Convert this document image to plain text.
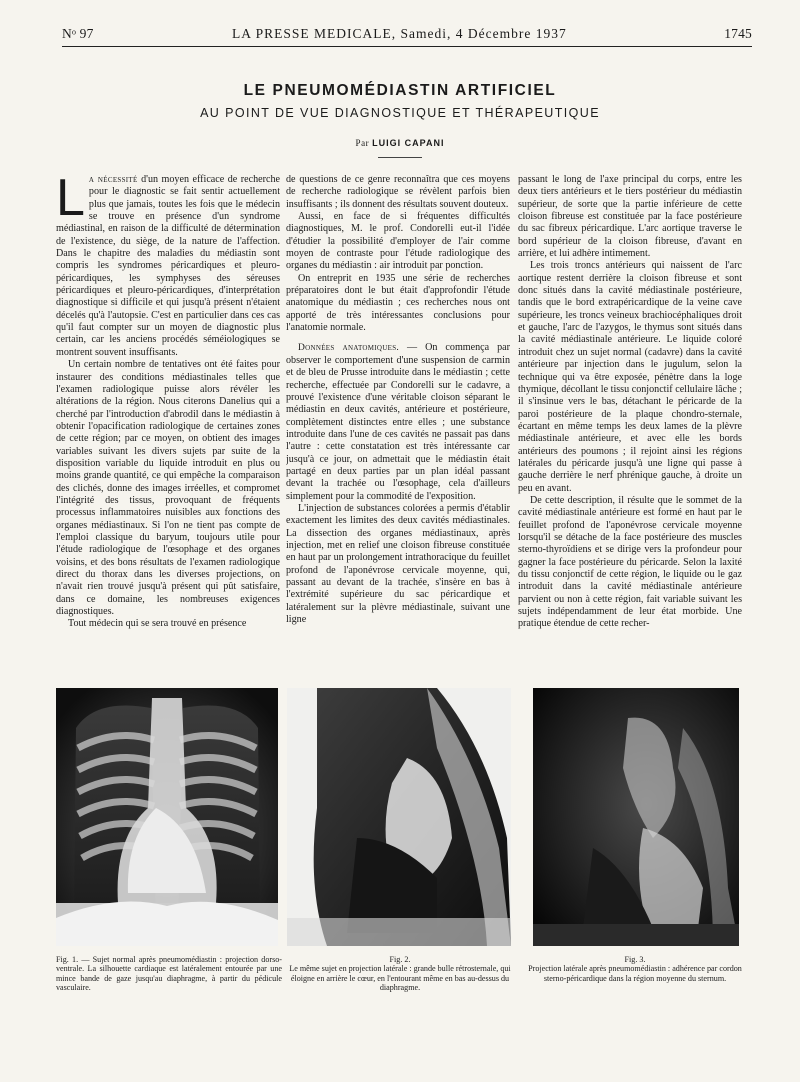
Nᵒ 97	LA PRESSE MEDICALE, Samedi, 4 Décembre 1937	1745
LE PNEUMOMÉDIASTIN ARTIFICIEL
AU POINT DE VUE DIAGNOSTIQUE ET THÉRAPEUTIQUE
Par LUIGI CAPANI

La nécessité d'un moyen efficace de recherche pour le diagnostic se fait sentir actuellement plus que jamais, toutes les fois que le médecin se trouve en présence d'un syndrome médiastinal, en raison de la difficulté de détermination de l'existence, du siège, de la nature de l'affection. Dans le chapitre des maladies du médiastin sont compris les syndromes péricardiques et pleuro-péricardiques, les symphyses des séreuses péricardiques et pleuro-péricardiques, d'interprétation diagnostique si difficile et qui jusqu'à présent n'étaient décelés qu'à l'autopsie. C'est en particulier dans ces cas qu'il faut compter sur un moyen de diagnostic plus certain, car les anciens procédés séméiologiques se montrent souvent insuffisants.

Un certain nombre de tentatives ont été faites pour instaurer des conditions médiastinales telles que l'examen radiologique puisse alors révéler les altérations de la région. Nous citerons Danelius qui a cherché par l'introduction d'abrodil dans le médiastin à obtenir l'opacification radiologique de certaines zones de cette région; par ce moyen, on obtient des images variables suivant les divers sujets par suite de la disposition variable du liquide introduit en plus ou moins grande quantité, ce qui empêche la comparaison des clichés, donne des images irréelles, et compromet l'intégrité des tissus, provoquant de fréquents processus inflammatoires nuisibles aux fonctions des organes médiastinaux. Si l'on ne tient pas compte de l'emploi classique du baryum, toujours utile pour l'étude radiologique de l'œsophage et des organes voisins, et des bons résultats de l'examen radiologique direct du thorax dans les diverses projections, on n'avait rien trouvé jusqu'à présent qui pût satisfaire, dans ce domaine, les nombreuses exigences diagnostiques.

Tout médecin qui se sera trouvé en présence

de questions de ce genre reconnaîtra que ces moyens de recherche radiologique se révèlent parfois bien insuffisants ; ils donnent des résultats souvent douteux.

Aussi, en face de si fréquentes difficultés diagnostiques, M. le prof. Condorelli eut-il l'idée d'étudier la possibilité d'employer de l'air comme moyen de contraste pour l'étude radiologique des organes du médiastin : air introduit par ponction.

On entreprit en 1935 une série de recherches préparatoires dont le but était d'approfondir l'étude anatomique du médiastin ; ces recherches nous ont apporté de très intéressantes conclusions pour l'anatomie normale.

Données anatomiques. — On commença par observer le comportement d'une suspension de carmin et de bleu de Prusse introduite dans le médiastin ; cette recherche, effectuée par Condorelli sur le cadavre, a prouvé l'existence d'une véritable cloison séparant le médiastin en deux cavités, antérieure et postérieure, complètement distinctes entre elles ; une substance introduite dans l'une de ces cavités ne passait pas dans l'autre : cette constatation est très intéressante car jusqu'à ce jour, on admettait que le médiastin était partagé en deux parties par un plan idéal passant devant la trachée ou l'œsophage, cela d'ailleurs simplement pour la commodité de l'exposition.

L'injection de substances colorées a permis d'établir exactement les limites des deux cavités médiastinales. La dissection des organes médiastinaux, après injection, met en relief une cloison fibreuse constituée en haut par un prolongement intrathoracique du feuillet profond de l'aponévrose cervicale moyenne, qui, passant au devant de la trachée, s'insère en bas à l'extrémité supérieure du sac péricardique et latéralement sur la plèvre médiastinale, suivant une ligne

passant le long de l'axe principal du corps, entre les deux tiers antérieurs et le tiers postérieur du médiastin supérieur, de sorte que la partie inférieure de cette cloison fibreuse est constituée par la face postérieure du sac fibreux péricardique. L'arc aortique traverse le bord supérieur de la cloison fibreuse, d'avant en arrière, et lui adhère intimement.

Les trois troncs antérieurs qui naissent de l'arc aortique restent derrière la cloison fibreuse et sont donc situés dans la cavité médiastinale postérieure, tandis que le bord extrapéricardique de la veine cave supérieure, les troncs veineux brachiocéphaliques droit et gauche, l'arc de l'azygos, le thymus sont situés dans la cavité médiastinale antérieure. Le liquide coloré introduit chez un sujet normal (cadavre) dans la cavité antérieure par injection dans le jugulum, selon la technique qui va être exposée, pénètre dans la loge thymique, décollant le tissu conjonctif cellulaire lâche ; il s'insinue vers le bas, détachant le péricarde de la paroi postérieure de la plaque chondro-sternale, écartant en même temps les deux lames de la plèvre médiastinale antérieure, et avec elle les bords antérieurs des poumons ; il rejoint ainsi les régions latérales du péricarde jusqu'à une ligne qui passe à gauche derrière le nerf phrénique gauche, à droite un peu en avant.

De cette description, il résulte que le sommet de la cavité médiastinale antérieure est formé en haut par le feuillet profond de l'aponévrose cervicale moyenne lorsqu'il se détache de la face postérieure des muscles sterno-thyroïdiens et se dirige vers la profondeur pour gagner la face postérieure du péricarde. Selon la laxité du tissu conjonctif de cette région, le liquide ou le gaz introduit dans la cavité médiastinale antérieure parvient ou non à cette région, fait variable suivant les sujets indépendamment de leur état morbide. Une pratique étendue de cette recher-

Fig. 1. — Sujet normal après pneumomédiastin : projection dorso-ventrale. La silhouette cardiaque est latéralement entourée par une mince bande de gaze jusqu'au diaphragme, à partir du pédicule vasculaire.
Fig. 2.
Le même sujet en projection latérale : grande bulle rétrosternale, qui éloigne en arrière le cœur, en l'entourant même en bas au-dessus du diaphragme.
Fig. 3.
Projection latérale après pneumomédiastin : adhérence par cordon sterno-péricardique dans la région moyenne du sternum.
